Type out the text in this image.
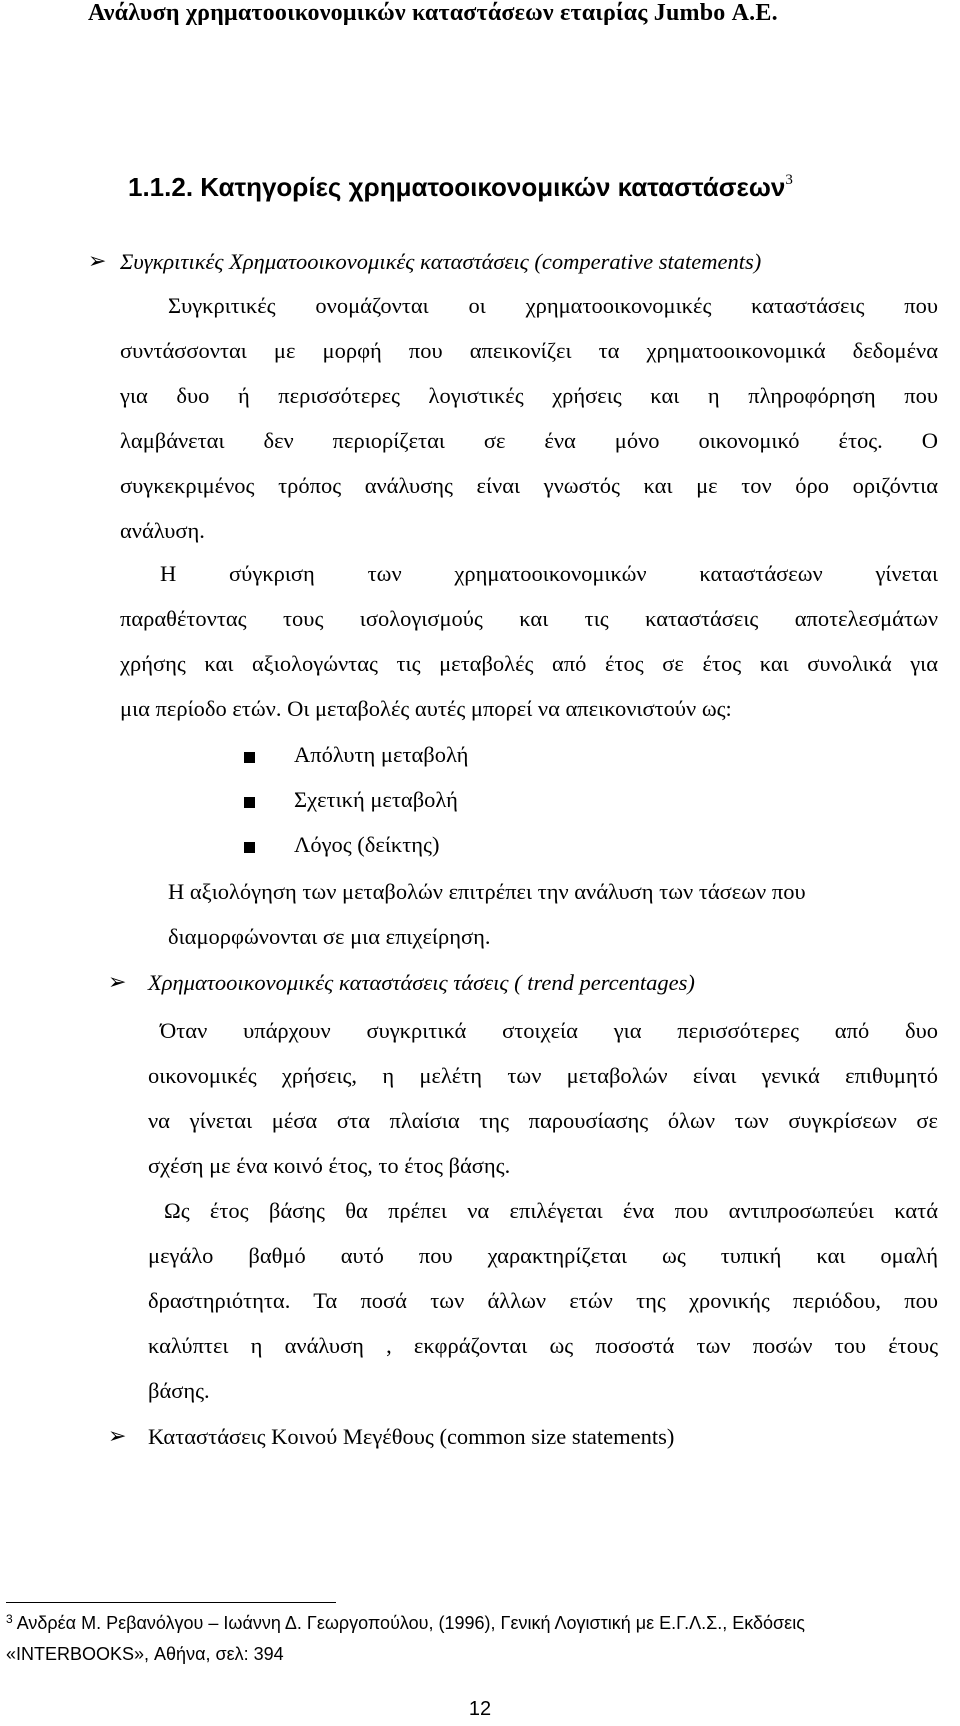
Ανάλυση χρηματοοικονομικών καταστάσεων εταιρίας Jumbo Α.Ε.
1.1.2. Κατηγορίες χρηματοοικονομικών καταστάσεων$^3$
➢ Συγκριτικές Χρηματοοικονομικές καταστάσεις (comperative statements)
Συγκριτικές ονομάζονται οι χρηματοοικονομικές καταστάσεις που
συντάσσονται με μορφή που απεικονίζει τα χρηματοοικονομικά δεδομένα
για δυο ή περισσότερες λογιστικές χρήσεις και η πληροφόρηση που
λαμβάνεται δεν περιορίζεται σε ένα μόνο οικονομικό έτος. Ο
συγκεκριμένος τρόπος ανάλυσης είναι γνωστός και με τον όρο οριζόντια
ανάλυση.
Η σύγκριση των χρηματοοικονομικών καταστάσεων γίνεται
παραθέτοντας τους ισολογισμούς και τις καταστάσεις αποτελεσμάτων
χρήσης και αξιολογώντας τις μεταβολές από έτος σε έτος και συνολικά για
μια περίοδο ετών. Οι μεταβολές αυτές μπορεί να απεικονιστούν ως:
Απόλυτη μεταβολή
Σχετική μεταβολή
Λόγος (δείκτης)
Η αξιολόγηση των μεταβολών επιτρέπει την ανάλυση των τάσεων που
διαμορφώνονται σε μια επιχείρηση.
➢ Χρηματοοικονομικές καταστάσεις τάσεις ( trend percentages)
Όταν υπάρχουν συγκριτικά στοιχεία για περισσότερες από δυο
οικονομικές χρήσεις, η μελέτη των μεταβολών είναι γενικά επιθυμητό
να γίνεται μέσα στα πλαίσια της παρουσίασης όλων των συγκρίσεων σε
σχέση με ένα κοινό έτος, το έτος βάσης.
Ως έτος βάσης θα πρέπει να επιλέγεται ένα που αντιπροσωπεύει κατά
μεγάλο βαθμό αυτό που χαρακτηρίζεται ως τυπική και ομαλή
δραστηριότητα. Τα ποσά των άλλων ετών της χρονικής περιόδου, που
καλύπτει η ανάλυση , εκφράζονται ως ποσοστά των ποσών του έτους
βάσης.
➢ Καταστάσεις Κοινού Μεγέθους (common size statements)
$^3$ Ανδρέα Μ. Ρεβανόλγου – Ιωάννη Δ. Γεωργοπούλου, (1996), Γενική Λογιστική με Ε.Γ.Λ.Σ., Εκδόσεις
«INTERBOOKS», Αθήνα, σελ: 394
12
